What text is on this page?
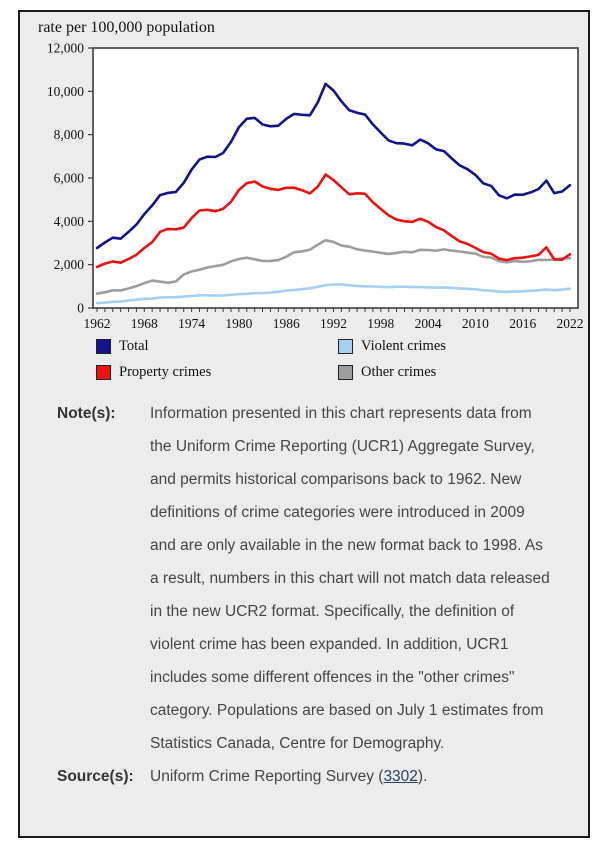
rate per 100,000 population
0
2,000
4,000
6,000
8,000
10,000
12,000
1962 1968 1974 1980 1986 1992 1998 2004 2010 2016 2022
Total	Violent crimes
Property crimes	Other crimes
Note(s):	Information presented in this chart represents data from the Uniform Crime Reporting (UCR1) Aggregate Survey, and permits historical comparisons back to 1962. New definitions of crime categories were introduced in 2009 and are only available in the new format back to 1998. As a result, numbers in this chart will not match data released in the new UCR2 format. Specifically, the definition of violent crime has been expanded. In addition, UCR1 includes some different offences in the "other crimes" category. Populations are based on July 1 estimates from Statistics Canada, Centre for Demography.
Source(s):	Uniform Crime Reporting Survey (3302).
